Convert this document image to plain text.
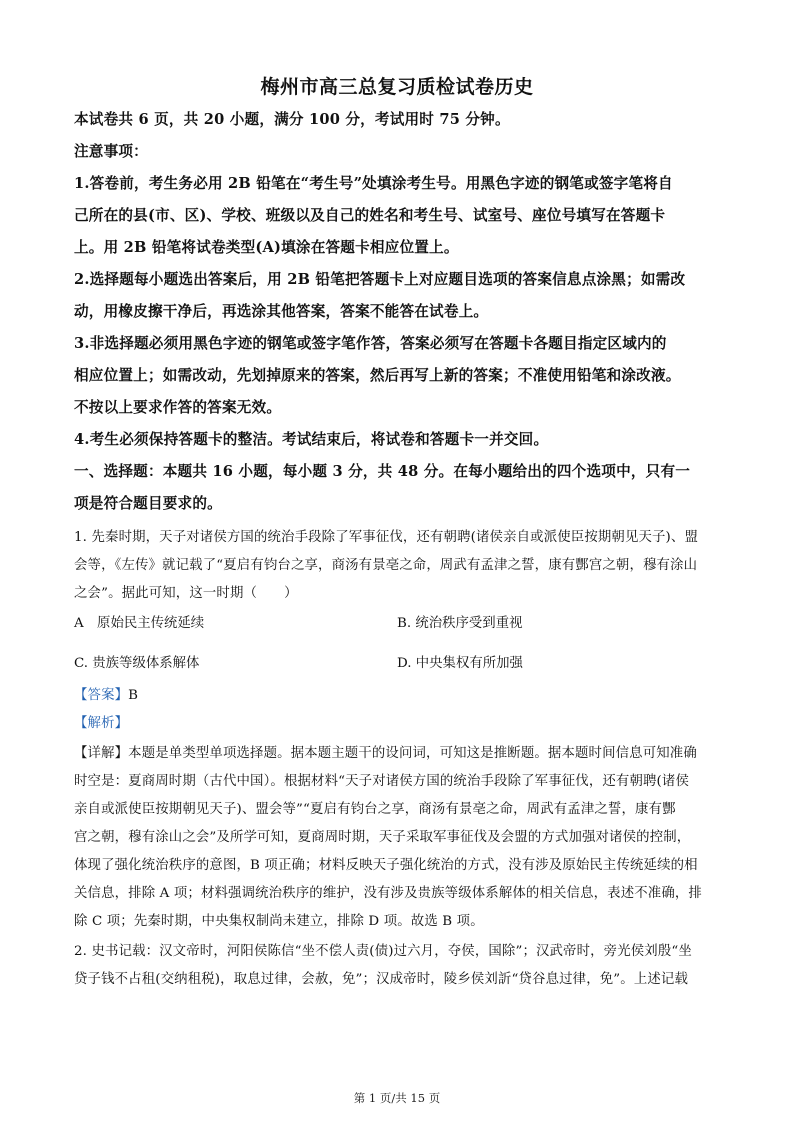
梅州市高三总复习质检试卷历史
本试卷共 6 页，共 20 小题，满分 100 分，考试用时 75 分钟。
注意事项：
1.答卷前，考生务必用 2B 铅笔在“考生号”处填涂考生号。用黑色字迹的钢笔或签字笔将自
己所在的县(市、区)、学校、班级以及自己的姓名和考生号、试室号、座位号填写在答题卡
上。用 2B 铅笔将试卷类型(A)填涂在答题卡相应位置上。
2.选择题每小题选出答案后，用 2B 铅笔把答题卡上对应题目选项的答案信息点涂黑；如需改
动，用橡皮擦干净后，再选涂其他答案，答案不能答在试卷上。
3.非选择题必须用黑色字迹的钢笔或签字笔作答，答案必须写在答题卡各题目指定区域内的
相应位置上；如需改动，先划掉原来的答案，然后再写上新的答案；不准使用铅笔和涂改液。
不按以上要求作答的答案无效。
4.考生必须保持答题卡的整洁。考试结束后，将试卷和答题卡一并交回。
一、选择题：本题共 16 小题，每小题 3 分，共 48 分。在每小题给出的四个选项中，只有一
项是符合题目要求的。
1. 先秦时期，天子对诸侯方国的统治手段除了军事征伐，还有朝聘(诸侯亲自或派使臣按期朝见天子)、盟
会等，《左传》就记载了“夏启有钧台之享，商汤有景亳之命，周武有孟津之誓，康有酆宫之朝，穆有涂山
之会”。据此可知，这一时期（　　）
A　原始民主传统延续	B. 统治秩序受到重视
C. 贵族等级体系解体	D. 中央集权有所加强
【答案】B
【解析】
【详解】本题是单类型单项选择题。据本题主题干的设问词，可知这是推断题。据本题时间信息可知准确
时空是：夏商周时期（古代中国）。根据材料“天子对诸侯方国的统治手段除了军事征伐，还有朝聘(诸侯
亲自或派使臣按期朝见天子)、盟会等”“夏启有钧台之享，商汤有景亳之命，周武有孟津之誓，康有酆
宫之朝，穆有涂山之会”及所学可知，夏商周时期，天子采取军事征伐及会盟的方式加强对诸侯的控制，
体现了强化统治秩序的意图，B 项正确；材料反映天子强化统治的方式，没有涉及原始民主传统延续的相
关信息，排除 A 项；材料强调统治秩序的维护，没有涉及贵族等级体系解体的相关信息，表述不准确，排
除 C 项；先秦时期，中央集权制尚未建立，排除 D 项。故选 B 项。
2. 史书记载：汉文帝时，河阳侯陈信“坐不偿人责(债)过六月，夺侯，国除”；汉武帝时，旁光侯刘殷“坐
贷子钱不占租(交纳租税)，取息过律，会赦，免”；汉成帝时，陵乡侯刘訢“贷谷息过律，免”。上述记载
第 1 页/共 15 页
